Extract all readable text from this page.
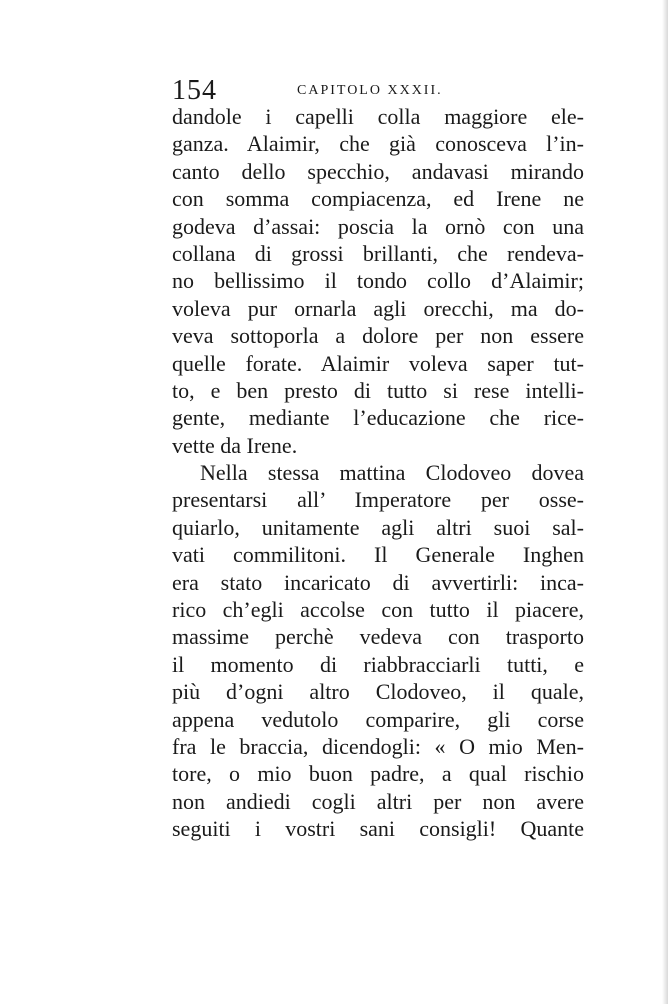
154	CAPITOLO XXXII.
dandole i capelli colla maggiore ele-
ganza. Alaimir, che già conosceva l’in-
canto dello specchio, andavasi mirando
con somma compiacenza, ed Irene ne
godeva d’assai: poscia la ornò con una
collana di grossi brillanti, che rendeva-
no bellissimo il tondo collo d’Alaimir;
voleva pur ornarla agli orecchi, ma do-
veva sottoporla a dolore per non essere
quelle forate. Alaimir voleva saper tut-
to, e ben presto di tutto si rese intelli-
gente, mediante l’educazione che rice-
vette da Irene.
Nella stessa mattina Clodoveo dovea
presentarsi all’ Imperatore per osse-
quiarlo, unitamente agli altri suoi sal-
vati commilitoni. Il Generale Inghen
era stato incaricato di avvertirli: inca-
rico ch’egli accolse con tutto il piacere,
massime perchè vedeva con trasporto
il momento di riabbracciarli tutti, e
più d’ogni altro Clodoveo, il quale,
appena vedutolo comparire, gli corse
fra le braccia, dicendogli: « O mio Men-
tore, o mio buon padre, a qual rischio
non andiedi cogli altri per non avere
seguiti i vostri sani consigli! Quante
